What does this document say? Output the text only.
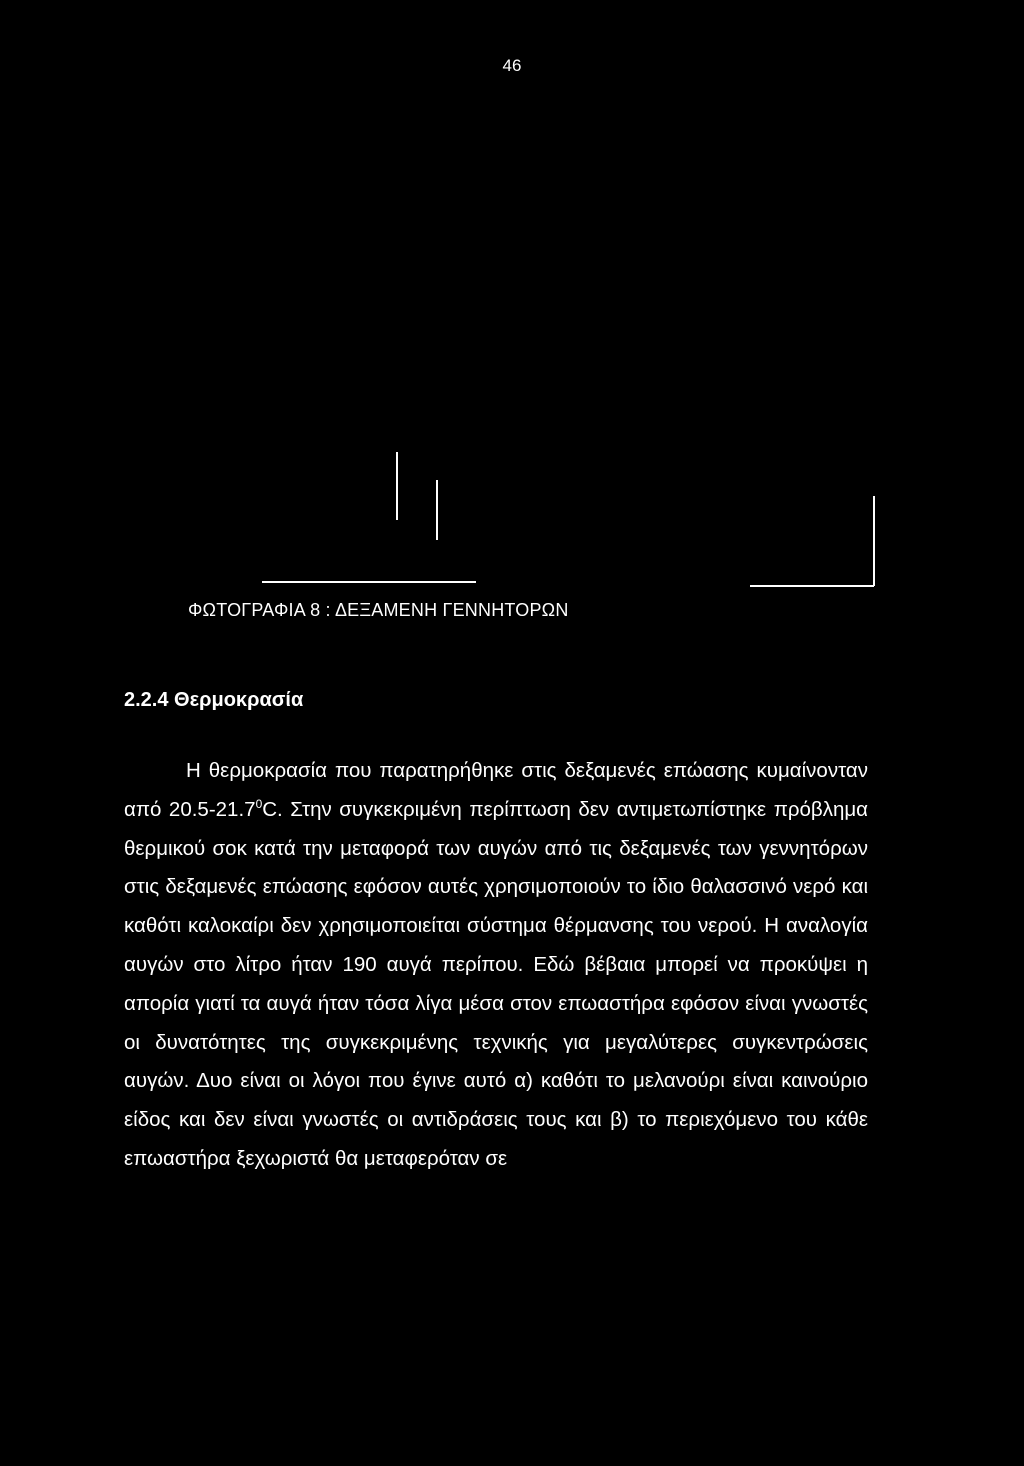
46
ΦΩΤΟΓΡΑΦΙΑ 8 : ΔΕΞΑΜΕΝΗ ΓΕΝΝΗΤΟΡΩΝ
2.2.4 Θερμοκρασία

Η θερμοκρασία που παρατηρήθηκε στις δεξαμενές επώασης κυμαίνονταν από 20.5-21.7$^0$C. Στην συγκεκριμένη περίπτωση δεν αντιμετωπίστηκε πρόβλημα θερμικού σοκ κατά την μεταφορά των αυγών από τις δεξαμενές των γεννητόρων στις δεξαμενές επώασης εφόσον αυτές χρησιμοποιούν το ίδιο θαλασσινό νερό και καθότι καλοκαίρι δεν χρησιμοποιείται σύστημα θέρμανσης του νερού. Η αναλογία αυγών στο λίτρο ήταν 190 αυγά περίπου. Εδώ βέβαια μπορεί να προκύψει η απορία γιατί τα αυγά ήταν τόσα λίγα μέσα στον επωαστήρα εφόσον είναι γνωστές οι δυνατότητες της συγκεκριμένης τεχνικής για μεγαλύτερες συγκεντρώσεις αυγών. Δυο είναι οι λόγοι που έγινε αυτό α) καθότι το μελανούρι είναι καινούριο είδος και δεν είναι γνωστές οι αντιδράσεις τους και β) το περιεχόμενο του κάθε επωαστήρα ξεχωριστά θα μεταφερόταν σε
